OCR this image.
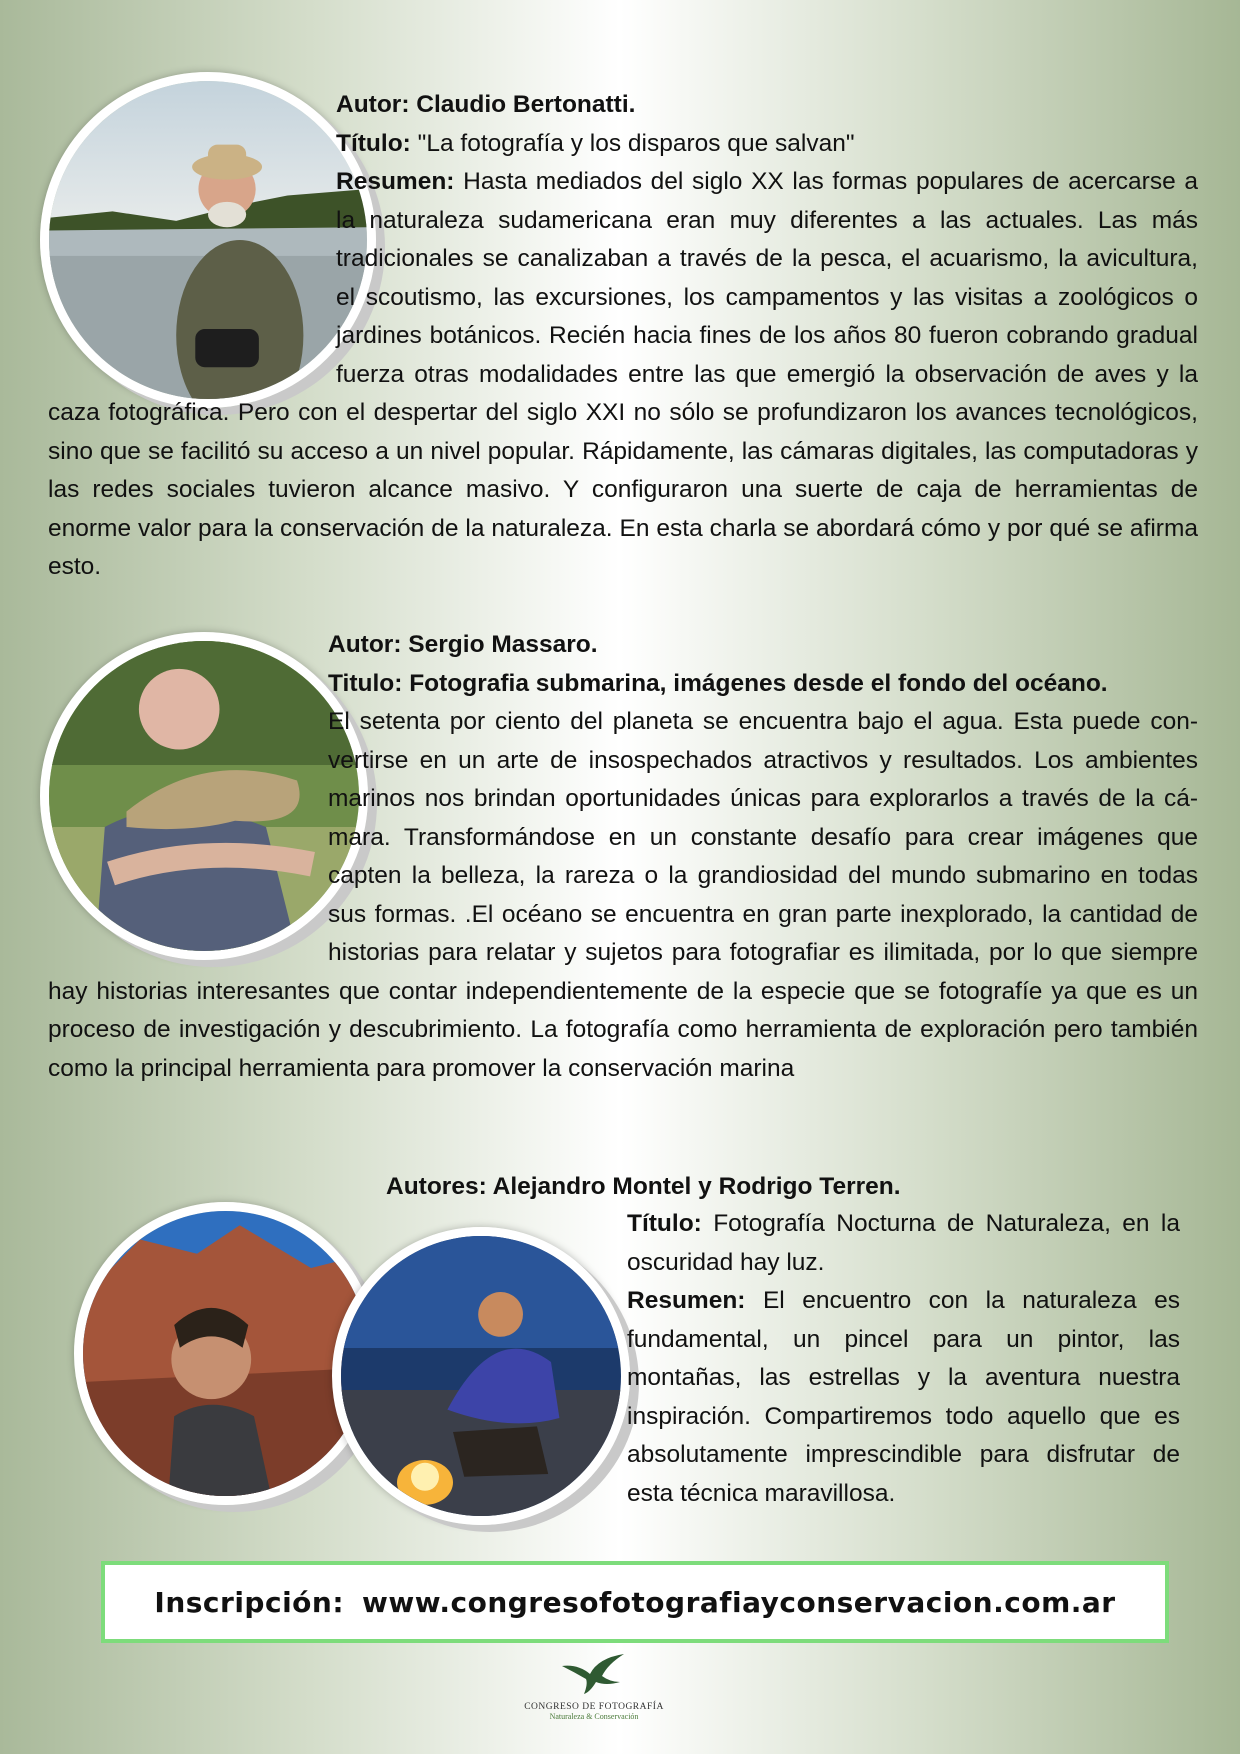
Autor: Claudio Bertonatti.
Título: "La fotografía y los disparos que salvan"
Resumen: Hasta mediados del siglo XX las formas populares de acercarse a la naturaleza sudamericana eran muy diferentes a las actuales. Las más tradicionales se canalizaban a través de la pesca, el acuarismo, la avicultura, el scoutismo, las excursiones, los campamentos y las visitas a zoológicos o jardines botánicos. Recién hacia fines de los años 80 fueron cobrando gradual fuerza otras modalidades entre las que emergió la observación de aves y la caza fotográfica. Pero con el despertar del siglo XXI no sólo se profundizaron los avances tecnológicos, sino que se facilitó su acceso a un nivel popular. Rápidamente, las cámaras digitales, las computadoras y las redes sociales tuvieron alcance masivo. Y configuraron una suerte de caja de herramientas de enorme valor para la conservación de la naturaleza. En esta charla se abordará cómo y por qué se afirma esto.
Autor: Sergio Massaro.
Titulo: Fotografia submarina, imágenes desde el fondo del océano.
El setenta por ciento del planeta se encuentra bajo el agua. Esta puede convertirse en un arte de insospechados atractivos y resultados. Los ambientes marinos nos brindan oportunidades únicas para explorarlos a través de la cámara. Transformándose en un constante desafío para crear imágenes que capten la belleza, la rareza o la grandiosidad del mundo submarino en todas sus formas. .El océano se encuentra en gran parte inexplorado, la cantidad de historias para relatar y sujetos para fotografiar es ilimitada, por lo que siempre hay historias interesantes que contar independientemente de la especie que se fotografíe ya que es un proceso de investigación y descubrimiento. La fotografía como herramienta de exploración pero también como la principal herramienta para promover la conservación marina
Autores: Alejandro Montel y Rodrigo Terren.
Título: Fotografía Nocturna de Naturaleza, en la oscuridad hay luz.
Resumen: El encuentro con la naturaleza es fundamental, un pincel para un pintor, las montañas, las estrellas y la aventura nuestra inspiración. Compartiremos todo aquello que es absolutamente imprescindible para disfrutar de esta técnica maravillosa.
Inscripción: www.congresofotografiayconservacion.com.ar
CONGRESO DE FOTOGRAFÍA
Naturaleza & Conservación
